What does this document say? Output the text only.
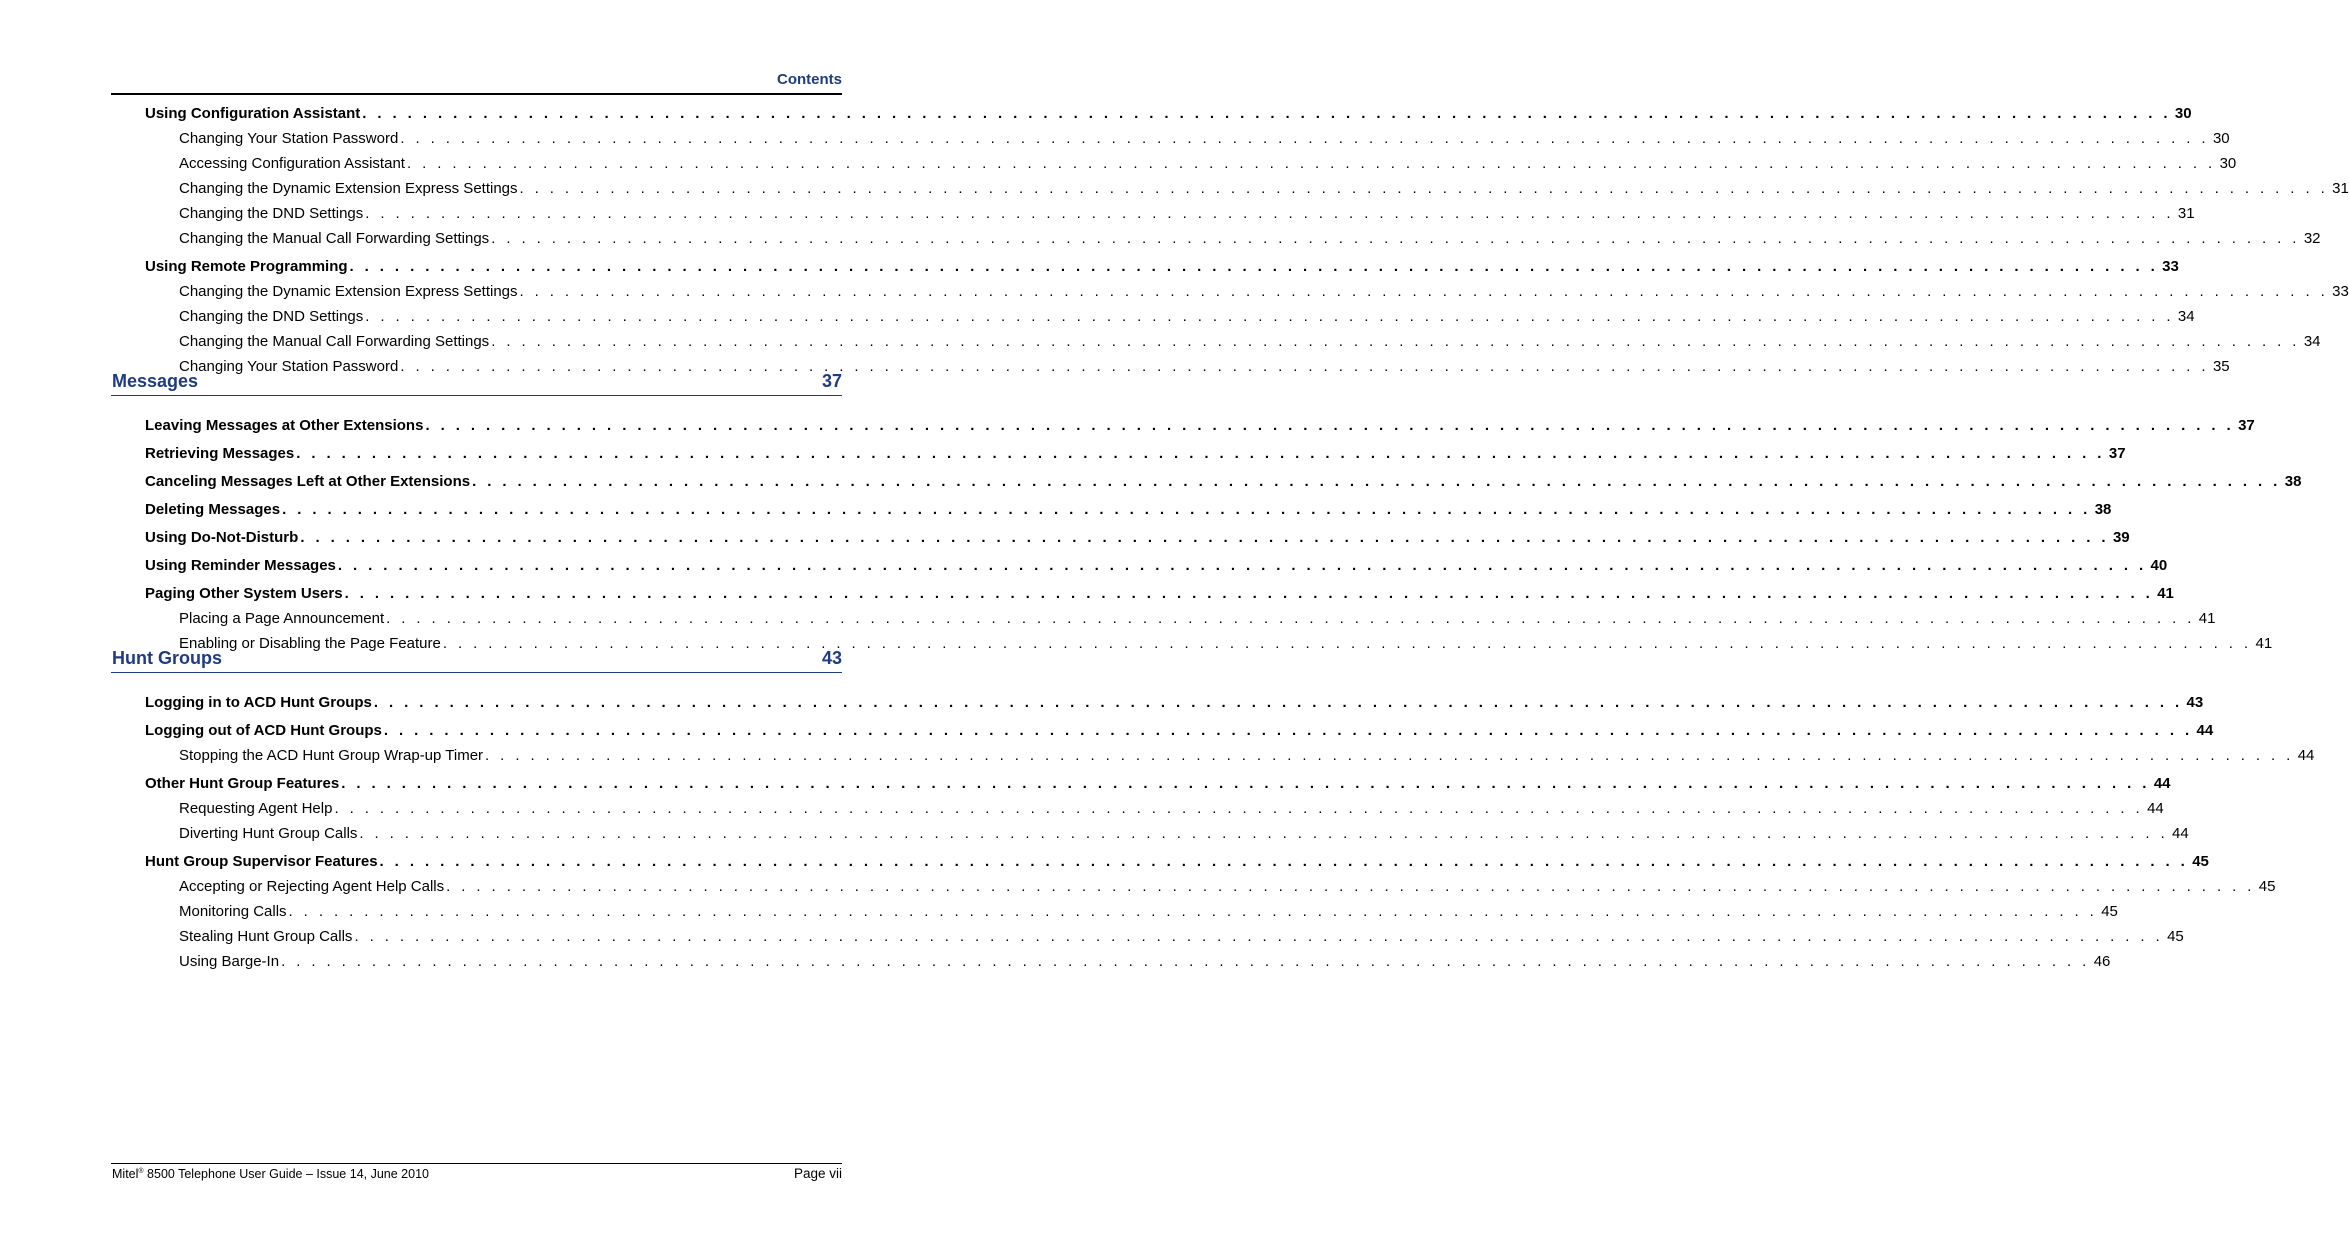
Contents
Using Configuration Assistant . . . . . . . . . . . . . . . . . . . . . . . . . . . . . . . . . . . . . . . . . . . . . . . . . . . . . . . . . . . . . . . . . . . . . . . . . . . . . . . . . . . . . . . . . . . . . . . . . . . . . . . . . . . . . . . . . . . . . . . . 30
Changing Your Station Password . . . . . . . . . . . . . . . . . . . . . . . . . . . . . . . . . . . . . . . . . . . . . . . . . . . . . . . . . . . . . . . . . . . . . . . . . . . . . . . . . . . . . . . . . . . . . . . . . . . . . . . . . . . . . . . . . . . . . . . . 30
Accessing Configuration Assistant . . . . . . . . . . . . . . . . . . . . . . . . . . . . . . . . . . . . . . . . . . . . . . . . . . . . . . . . . . . . . . . . . . . . . . . . . . . . . . . . . . . . . . . . . . . . . . . . . . . . . . . . . . . . . . . . . . . . . . . . 30
Changing the Dynamic Extension Express Settings . . . . . . . . . . . . . . . . . . . . . . . . . . . . . . . . . . . . . . . . . . . . . . . . . . . . . . . . . . . . . . . . . . . . . . . . . . . . . . . . . . . . . . . . . . . . . . . . . . . . . . . . . . . . . . . . . . . . . . . . 31
Changing the DND Settings . . . . . . . . . . . . . . . . . . . . . . . . . . . . . . . . . . . . . . . . . . . . . . . . . . . . . . . . . . . . . . . . . . . . . . . . . . . . . . . . . . . . . . . . . . . . . . . . . . . . . . . . . . . . . . . . . . . . . . . . 31
Changing the Manual Call Forwarding Settings . . . . . . . . . . . . . . . . . . . . . . . . . . . . . . . . . . . . . . . . . . . . . . . . . . . . . . . . . . . . . . . . . . . . . . . . . . . . . . . . . . . . . . . . . . . . . . . . . . . . . . . . . . . . . . . . . . . . . . . . 32
Using Remote Programming . . . . . . . . . . . . . . . . . . . . . . . . . . . . . . . . . . . . . . . . . . . . . . . . . . . . . . . . . . . . . . . . . . . . . . . . . . . . . . . . . . . . . . . . . . . . . . . . . . . . . . . . . . . . . . . . . . . . . . . . 33
Changing the Dynamic Extension Express Settings . . . . . . . . . . . . . . . . . . . . . . . . . . . . . . . . . . . . . . . . . . . . . . . . . . . . . . . . . . . . . . . . . . . . . . . . . . . . . . . . . . . . . . . . . . . . . . . . . . . . . . . . . . . . . . . . . . . . . . . . 33
Changing the DND Settings . . . . . . . . . . . . . . . . . . . . . . . . . . . . . . . . . . . . . . . . . . . . . . . . . . . . . . . . . . . . . . . . . . . . . . . . . . . . . . . . . . . . . . . . . . . . . . . . . . . . . . . . . . . . . . . . . . . . . . . . 34
Changing the Manual Call Forwarding Settings . . . . . . . . . . . . . . . . . . . . . . . . . . . . . . . . . . . . . . . . . . . . . . . . . . . . . . . . . . . . . . . . . . . . . . . . . . . . . . . . . . . . . . . . . . . . . . . . . . . . . . . . . . . . . . . . . . . . . . . . 34
Changing Your Station Password . . . . . . . . . . . . . . . . . . . . . . . . . . . . . . . . . . . . . . . . . . . . . . . . . . . . . . . . . . . . . . . . . . . . . . . . . . . . . . . . . . . . . . . . . . . . . . . . . . . . . . . . . . . . . . . . . . . . . . . . 35
Messages	37
Leaving Messages at Other Extensions . . . . . . . . . . . . . . . . . . . . . . . . . . . . . . . . . . . . . . . . . . . . . . . . . . . . . . . . . . . . . . . . . . . . . . . . . . . . . . . . . . . . . . . . . . . . . . . . . . . . . . . . . . . . . . . . . . . . . . . . 37
Retrieving Messages . . . . . . . . . . . . . . . . . . . . . . . . . . . . . . . . . . . . . . . . . . . . . . . . . . . . . . . . . . . . . . . . . . . . . . . . . . . . . . . . . . . . . . . . . . . . . . . . . . . . . . . . . . . . . . . . . . . . . . . . 37
Canceling Messages Left at Other Extensions . . . . . . . . . . . . . . . . . . . . . . . . . . . . . . . . . . . . . . . . . . . . . . . . . . . . . . . . . . . . . . . . . . . . . . . . . . . . . . . . . . . . . . . . . . . . . . . . . . . . . . . . . . . . . . . . . . . . . . . . 38
Deleting Messages . . . . . . . . . . . . . . . . . . . . . . . . . . . . . . . . . . . . . . . . . . . . . . . . . . . . . . . . . . . . . . . . . . . . . . . . . . . . . . . . . . . . . . . . . . . . . . . . . . . . . . . . . . . . . . . . . . . . . . . . 38
Using Do-Not-Disturb . . . . . . . . . . . . . . . . . . . . . . . . . . . . . . . . . . . . . . . . . . . . . . . . . . . . . . . . . . . . . . . . . . . . . . . . . . . . . . . . . . . . . . . . . . . . . . . . . . . . . . . . . . . . . . . . . . . . . . . . 39
Using Reminder Messages . . . . . . . . . . . . . . . . . . . . . . . . . . . . . . . . . . . . . . . . . . . . . . . . . . . . . . . . . . . . . . . . . . . . . . . . . . . . . . . . . . . . . . . . . . . . . . . . . . . . . . . . . . . . . . . . . . . . . . . . 40
Paging Other System Users . . . . . . . . . . . . . . . . . . . . . . . . . . . . . . . . . . . . . . . . . . . . . . . . . . . . . . . . . . . . . . . . . . . . . . . . . . . . . . . . . . . . . . . . . . . . . . . . . . . . . . . . . . . . . . . . . . . . . . . . 41
Placing a Page Announcement . . . . . . . . . . . . . . . . . . . . . . . . . . . . . . . . . . . . . . . . . . . . . . . . . . . . . . . . . . . . . . . . . . . . . . . . . . . . . . . . . . . . . . . . . . . . . . . . . . . . . . . . . . . . . . . . . . . . . . . . 41
Enabling or Disabling the Page Feature . . . . . . . . . . . . . . . . . . . . . . . . . . . . . . . . . . . . . . . . . . . . . . . . . . . . . . . . . . . . . . . . . . . . . . . . . . . . . . . . . . . . . . . . . . . . . . . . . . . . . . . . . . . . . . . . . . . . . . . . 41
Hunt Groups	43
Logging in to ACD Hunt Groups . . . . . . . . . . . . . . . . . . . . . . . . . . . . . . . . . . . . . . . . . . . . . . . . . . . . . . . . . . . . . . . . . . . . . . . . . . . . . . . . . . . . . . . . . . . . . . . . . . . . . . . . . . . . . . . . . . . . . . . . 43
Logging out of ACD Hunt Groups . . . . . . . . . . . . . . . . . . . . . . . . . . . . . . . . . . . . . . . . . . . . . . . . . . . . . . . . . . . . . . . . . . . . . . . . . . . . . . . . . . . . . . . . . . . . . . . . . . . . . . . . . . . . . . . . . . . . . . . . 44
Stopping the ACD Hunt Group Wrap-up Timer . . . . . . . . . . . . . . . . . . . . . . . . . . . . . . . . . . . . . . . . . . . . . . . . . . . . . . . . . . . . . . . . . . . . . . . . . . . . . . . . . . . . . . . . . . . . . . . . . . . . . . . . . . . . . . . . . . . . . . . . 44
Other Hunt Group Features . . . . . . . . . . . . . . . . . . . . . . . . . . . . . . . . . . . . . . . . . . . . . . . . . . . . . . . . . . . . . . . . . . . . . . . . . . . . . . . . . . . . . . . . . . . . . . . . . . . . . . . . . . . . . . . . . . . . . . . . 44
Requesting Agent Help . . . . . . . . . . . . . . . . . . . . . . . . . . . . . . . . . . . . . . . . . . . . . . . . . . . . . . . . . . . . . . . . . . . . . . . . . . . . . . . . . . . . . . . . . . . . . . . . . . . . . . . . . . . . . . . . . . . . . . . . 44
Diverting Hunt Group Calls . . . . . . . . . . . . . . . . . . . . . . . . . . . . . . . . . . . . . . . . . . . . . . . . . . . . . . . . . . . . . . . . . . . . . . . . . . . . . . . . . . . . . . . . . . . . . . . . . . . . . . . . . . . . . . . . . . . . . . . . 44
Hunt Group Supervisor Features . . . . . . . . . . . . . . . . . . . . . . . . . . . . . . . . . . . . . . . . . . . . . . . . . . . . . . . . . . . . . . . . . . . . . . . . . . . . . . . . . . . . . . . . . . . . . . . . . . . . . . . . . . . . . . . . . . . . . . . . 45
Accepting or Rejecting Agent Help Calls . . . . . . . . . . . . . . . . . . . . . . . . . . . . . . . . . . . . . . . . . . . . . . . . . . . . . . . . . . . . . . . . . . . . . . . . . . . . . . . . . . . . . . . . . . . . . . . . . . . . . . . . . . . . . . . . . . . . . . . . 45
Monitoring Calls . . . . . . . . . . . . . . . . . . . . . . . . . . . . . . . . . . . . . . . . . . . . . . . . . . . . . . . . . . . . . . . . . . . . . . . . . . . . . . . . . . . . . . . . . . . . . . . . . . . . . . . . . . . . . . . . . . . . . . . . 45
Stealing Hunt Group Calls . . . . . . . . . . . . . . . . . . . . . . . . . . . . . . . . . . . . . . . . . . . . . . . . . . . . . . . . . . . . . . . . . . . . . . . . . . . . . . . . . . . . . . . . . . . . . . . . . . . . . . . . . . . . . . . . . . . . . . . . 45
Using Barge-In . . . . . . . . . . . . . . . . . . . . . . . . . . . . . . . . . . . . . . . . . . . . . . . . . . . . . . . . . . . . . . . . . . . . . . . . . . . . . . . . . . . . . . . . . . . . . . . . . . . . . . . . . . . . . . . . . . . . . . . . 46
Mitel® 8500 Telephone User Guide – Issue 14, June 2010	Page vii
